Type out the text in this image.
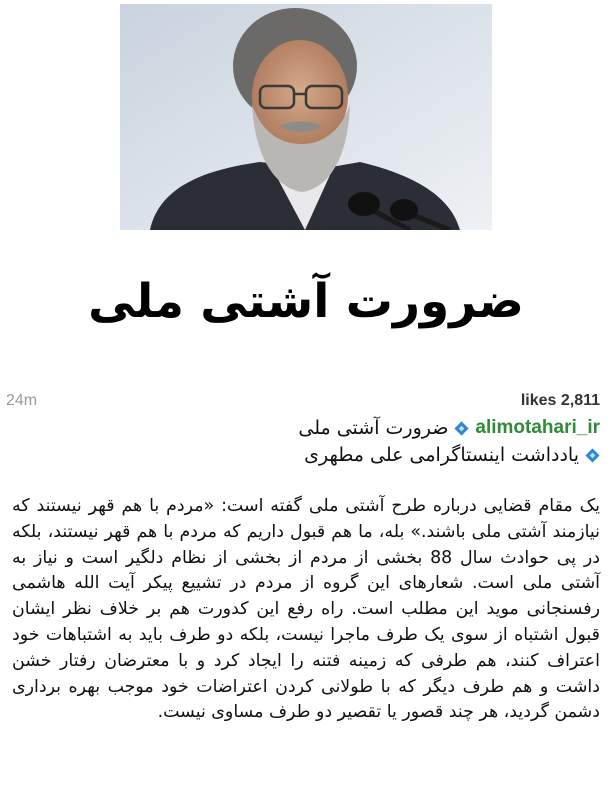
ضرورت آشتی ملی
24m	likes 2,811
alimotahari_ir
ضرورت آشتی ملی
یادداشت اینستاگرامی علی مطهری
یک مقام قضایی درباره طرح آشتی ملی گفته است: «مردم با هم قهر نیستند که نیازمند آشتی ملی باشند.» بله، ما هم قبول داریم که مردم با هم قهر نیستند، بلکه در پی حوادث سال 88 بخشی از مردم از بخشی از نظام دلگیر است و نیاز به آشتی ملی است. شعارهای این گروه از مردم در تشییع پیکر آیت الله هاشمی رفسنجانی موید این مطلب است. راه رفع این کدورت هم بر خلاف نظر ایشان قبول اشتباه از سوی یک طرف ماجرا نیست، بلکه دو طرف باید به اشتباهات خود اعتراف کنند، هم طرفی که زمینه فتنه را ایجاد کرد و با معترضان رفتار خشن داشت و هم طرف دیگر که با طولانی کردن اعتراضات خود موجب بهره برداری دشمن گردید، هر چند قصور یا تقصیر دو طرف مساوی نیست.
